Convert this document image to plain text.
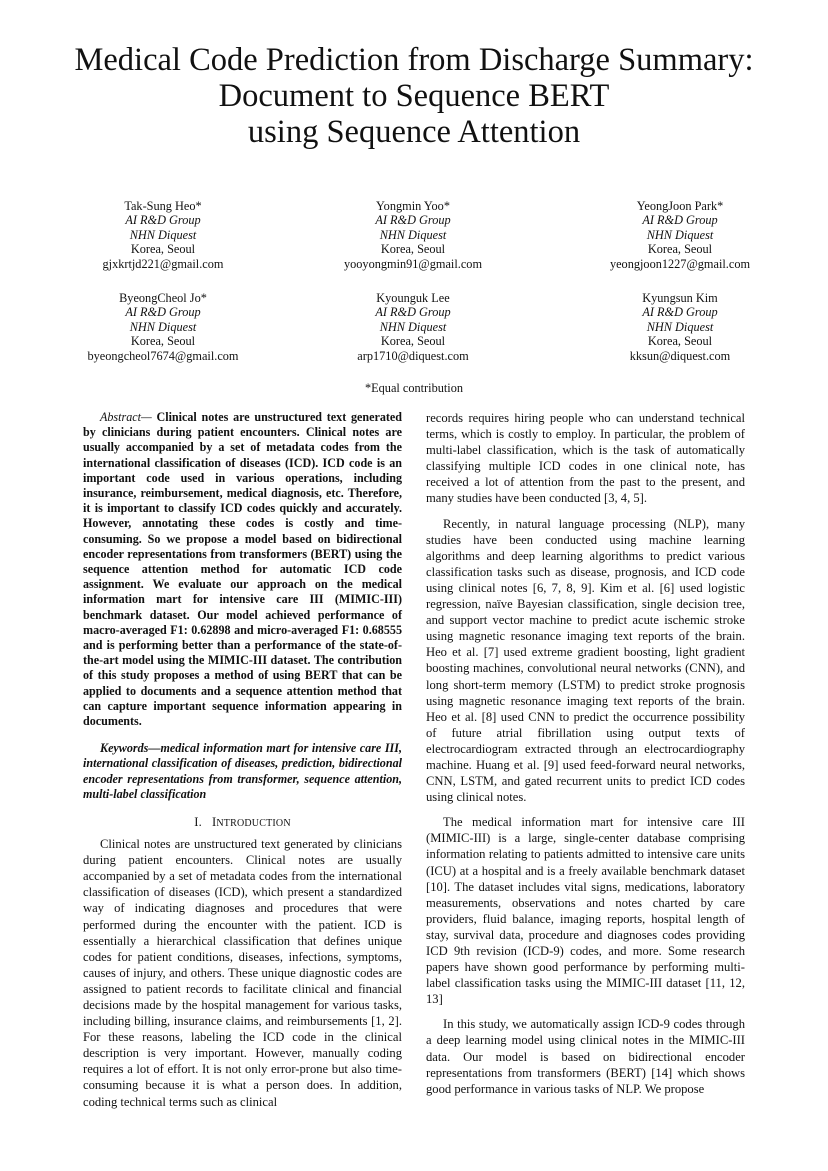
Medical Code Prediction from Discharge Summary:
Document to Sequence BERT
using Sequence Attention
Tak-Sung Heo*
AI R&D Group
NHN Diquest
Korea, Seoul
gjxkrtjd221@gmail.com
Yongmin Yoo*
AI R&D Group
NHN Diquest
Korea, Seoul
yooyongmin91@gmail.com
YeongJoon Park*
AI R&D Group
NHN Diquest
Korea, Seoul
yeongjoon1227@gmail.com
ByeongCheol Jo*
AI R&D Group
NHN Diquest
Korea, Seoul
byeongcheol7674@gmail.com
Kyounguk Lee
AI R&D Group
NHN Diquest
Korea, Seoul
arp1710@diquest.com
Kyungsun Kim
AI R&D Group
NHN Diquest
Korea, Seoul
kksun@diquest.com
*Equal contribution

Abstract— Clinical notes are unstructured text generated by clinicians during patient encounters. Clinical notes are usually accompanied by a set of metadata codes from the international classification of diseases (ICD). ICD code is an important code used in various operations, including insurance, reimbursement, medical diagnosis, etc. Therefore, it is important to classify ICD codes quickly and accurately. However, annotating these codes is costly and time-consuming. So we propose a model based on bidirectional encoder representations from transformers (BERT) using the sequence attention method for automatic ICD code assignment. We evaluate our approach on the medical information mart for intensive care III (MIMIC-III) benchmark dataset. Our model achieved performance of macro-averaged F1: 0.62898 and micro-averaged F1: 0.68555 and is performing better than a performance of the state-of-the-art model using the MIMIC-III dataset. The contribution of this study proposes a method of using BERT that can be applied to documents and a sequence attention method that can capture important sequence information appearing in documents.

Keywords—medical information mart for intensive care III, international classification of diseases, prediction, bidirectional encoder representations from transformer, sequence attention, multi-label classification

I. INTRODUCTION

Clinical notes are unstructured text generated by clinicians during patient encounters. Clinical notes are usually accompanied by a set of metadata codes from the international classification of diseases (ICD), which present a standardized way of indicating diagnoses and procedures that were performed during the encounter with the patient. ICD is essentially a hierarchical classification that defines unique codes for patient conditions, diseases, infections, symptoms, causes of injury, and others. These unique diagnostic codes are assigned to patient records to facilitate clinical and financial decisions made by the hospital management for various tasks, including billing, insurance claims, and reimbursements [1, 2]. For these reasons, labeling the ICD code in the clinical description is very important. However, manually coding requires a lot of effort. It is not only error-prone but also time-consuming because it is what a person does. In addition, coding technical terms such as clinical

records requires hiring people who can understand technical terms, which is costly to employ. In particular, the problem of multi-label classification, which is the task of automatically classifying multiple ICD codes in one clinical note, has received a lot of attention from the past to the present, and many studies have been conducted [3, 4, 5].

Recently, in natural language processing (NLP), many studies have been conducted using machine learning algorithms and deep learning algorithms to predict various classification tasks such as disease, prognosis, and ICD code using clinical notes [6, 7, 8, 9]. Kim et al. [6] used logistic regression, naïve Bayesian classification, single decision tree, and support vector machine to predict acute ischemic stroke using magnetic resonance imaging text reports of the brain. Heo et al. [7] used extreme gradient boosting, light gradient boosting machines, convolutional neural networks (CNN), and long short-term memory (LSTM) to predict stroke prognosis using magnetic resonance imaging text reports of the brain. Heo et al. [8] used CNN to predict the occurrence possibility of future atrial fibrillation using output texts of electrocardiogram extracted through an electrocardiography machine. Huang et al. [9] used feed-forward neural networks, CNN, LSTM, and gated recurrent units to predict ICD codes using clinical notes.

The medical information mart for intensive care III (MIMIC-III) is a large, single-center database comprising information relating to patients admitted to intensive care units (ICU) at a hospital and is a freely available benchmark dataset [10]. The dataset includes vital signs, medications, laboratory measurements, observations and notes charted by care providers, fluid balance, imaging reports, hospital length of stay, survival data, procedure and diagnoses codes providing ICD 9th revision (ICD-9) codes, and more. Some research papers have shown good performance by performing multi-label classification tasks using the MIMIC-III dataset [11, 12, 13]

In this study, we automatically assign ICD-9 codes through a deep learning model using clinical notes in the MIMIC-III data. Our model is based on bidirectional encoder representations from transformers (BERT) [14] which shows good performance in various tasks of NLP. We propose
